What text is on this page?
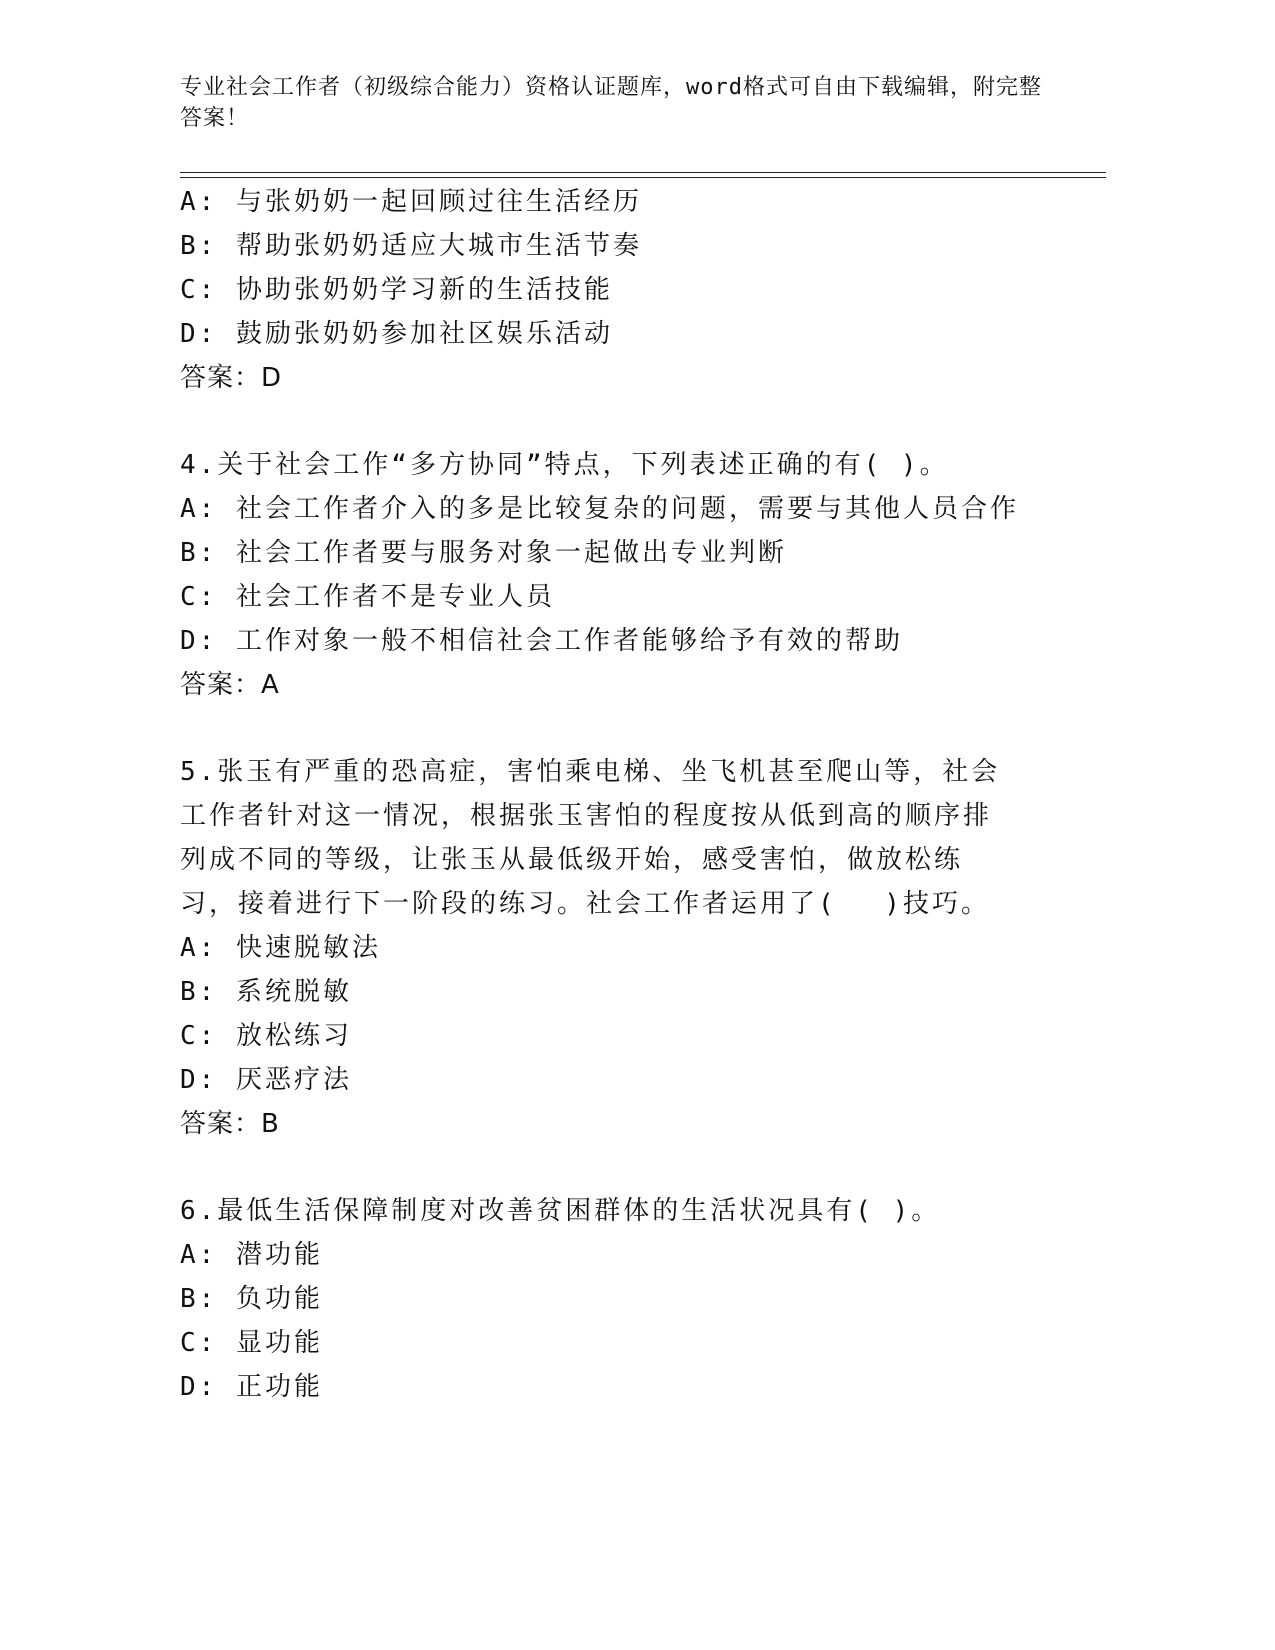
专业社会工作者（初级综合能力）资格认证题库，word格式可自由下载编辑，附完整答案！
A: 与张奶奶一起回顾过往生活经历
B: 帮助张奶奶适应大城市生活节奏
C: 协助张奶奶学习新的生活技能
D: 鼓励张奶奶参加社区娱乐活动
答案：D
4.关于社会工作“多方协同”特点，下列表述正确的有( )。
A: 社会工作者介入的多是比较复杂的问题，需要与其他人员合作
B: 社会工作者要与服务对象一起做出专业判断
C: 社会工作者不是专业人员
D: 工作对象一般不相信社会工作者能够给予有效的帮助
答案：A
5.张玉有严重的恐高症，害怕乘电梯、坐飞机甚至爬山等，社会工作者针对这一情况，根据张玉害怕的程度按从低到高的顺序排列成不同的等级，让张玉从最低级开始，感受害怕，做放松练习，接着进行下一阶段的练习。社会工作者运用了(　 )技巧。
A: 快速脱敏法
B: 系统脱敏
C: 放松练习
D: 厌恶疗法
答案：B
6.最低生活保障制度对改善贫困群体的生活状况具有( )。
A: 潜功能
B: 负功能
C: 显功能
D: 正功能
